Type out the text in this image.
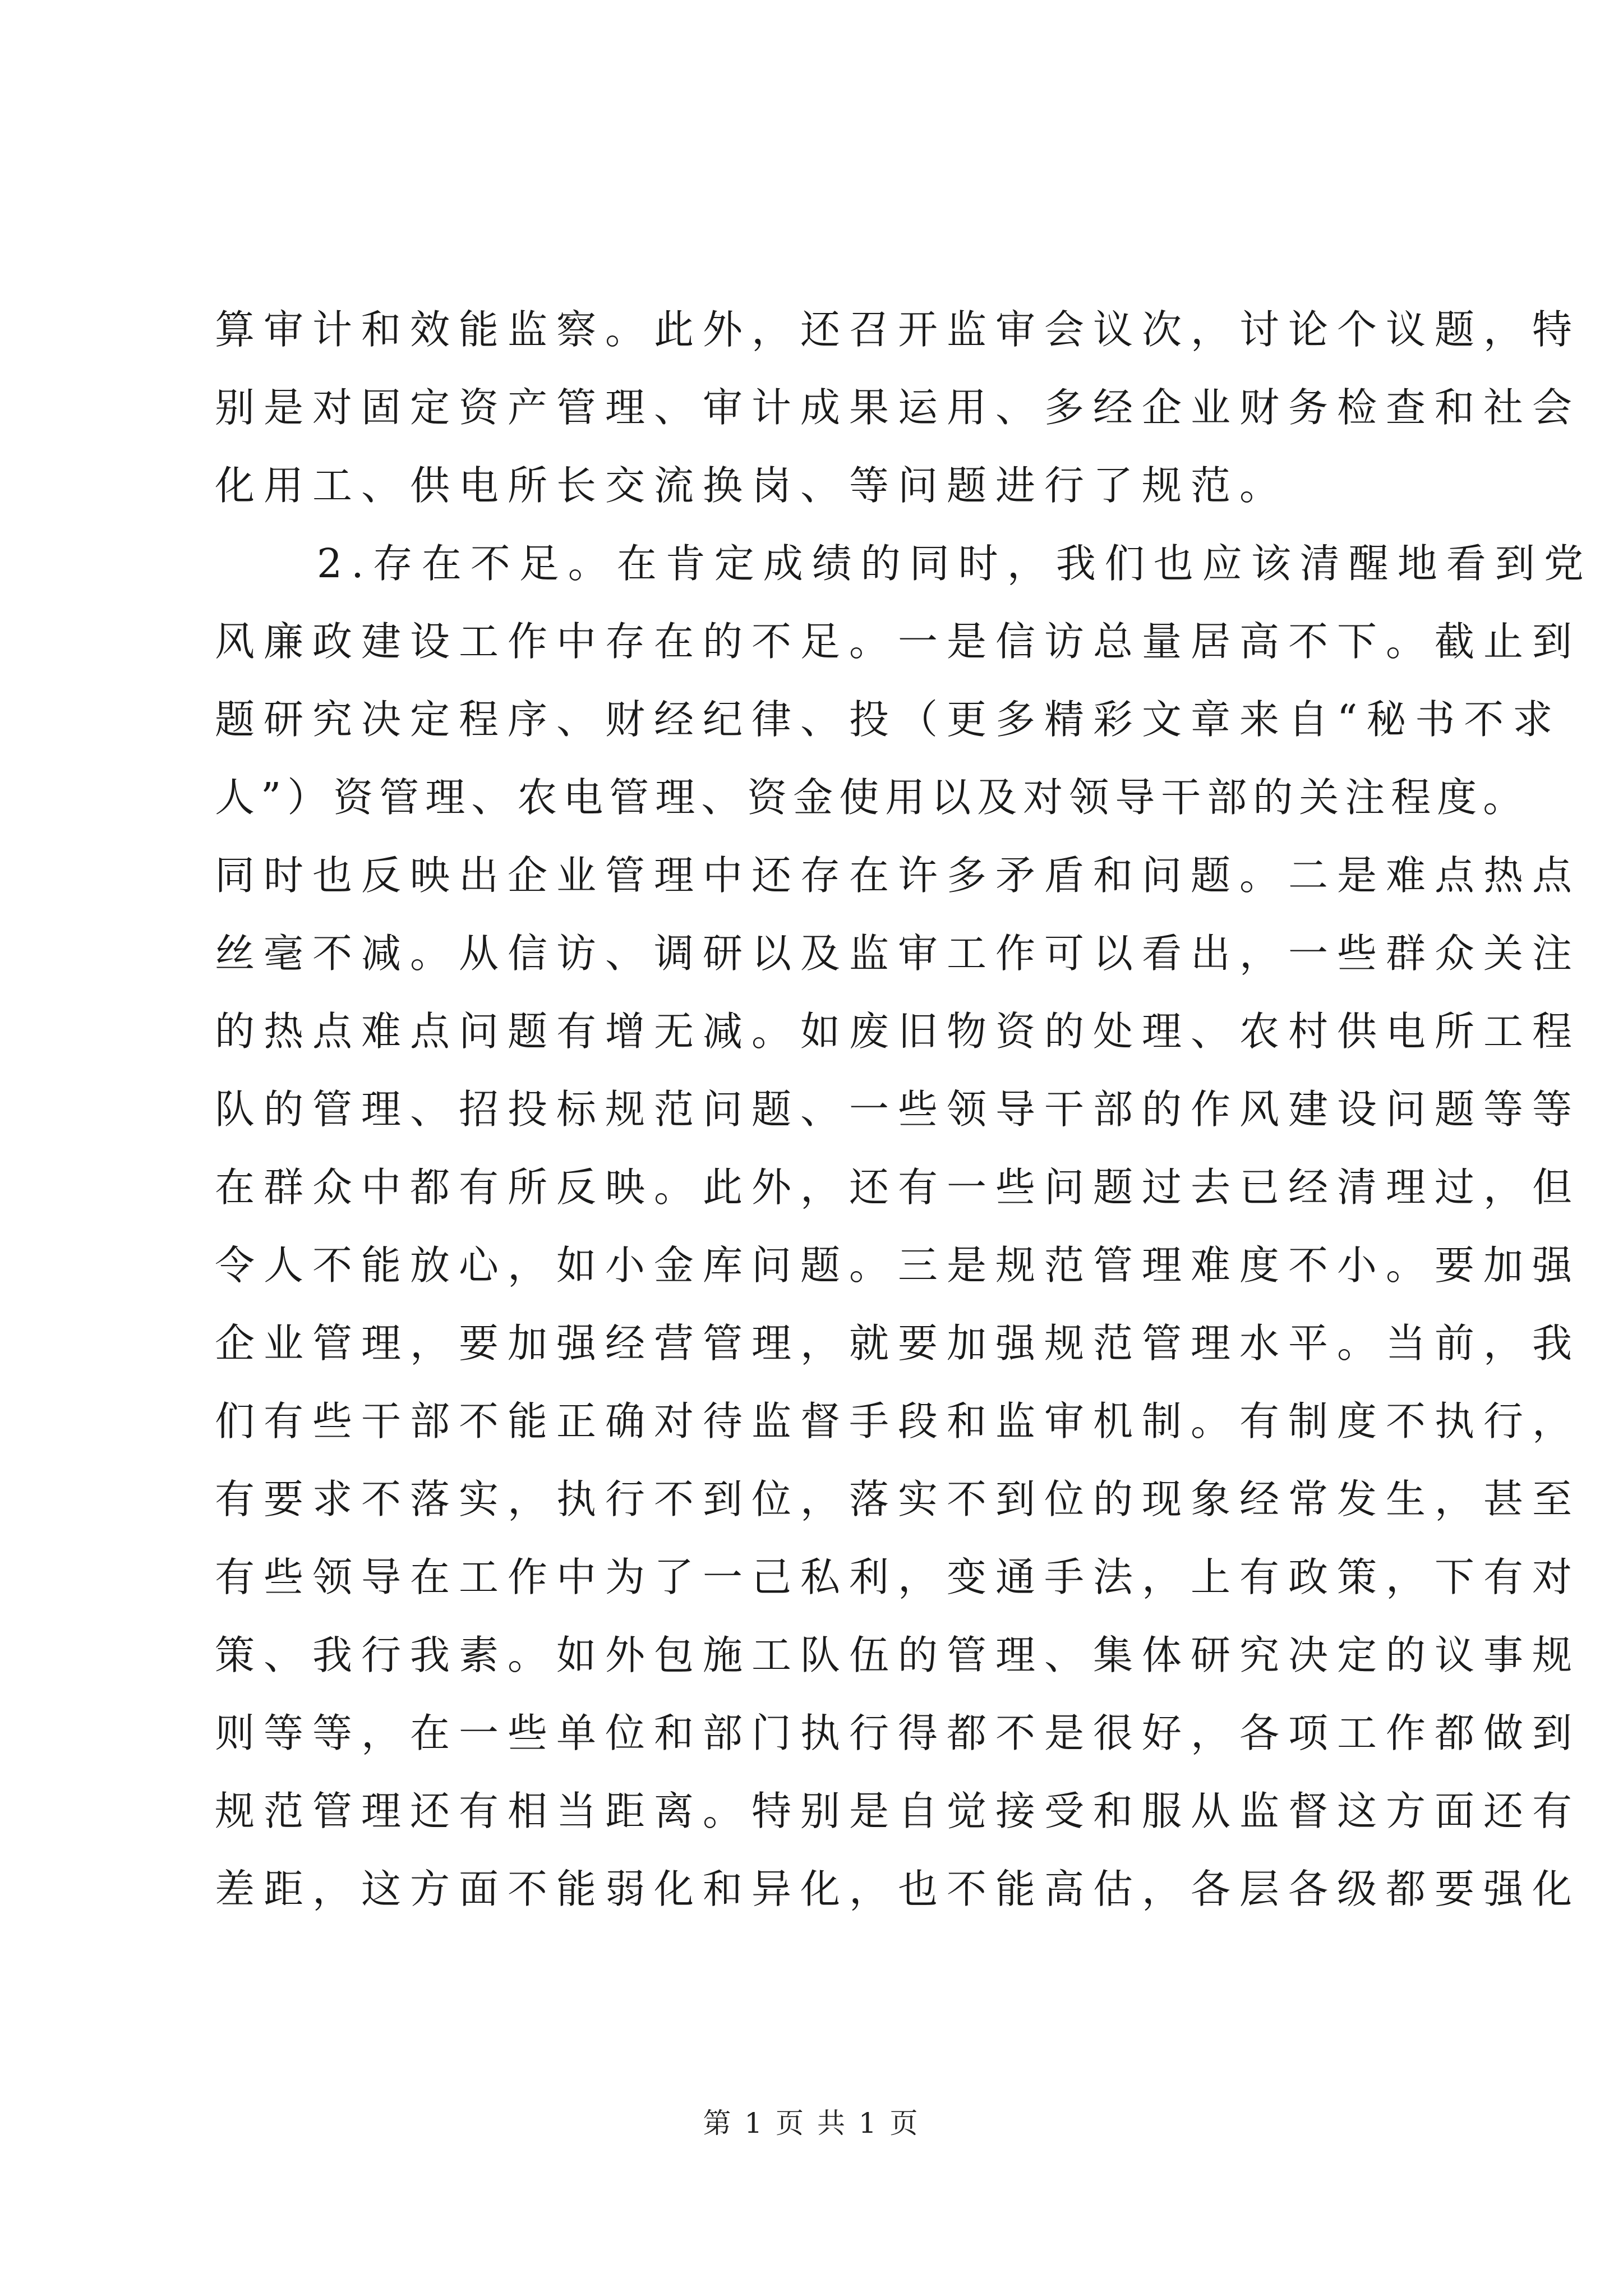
算审计和效能监察。此外，还召开监审会议次，讨论个议题，特
别是对固定资产管理、审计成果运用、多经企业财务检查和社会
化用工、供电所长交流换岗、等问题进行了规范。
2.存在不足。在肯定成绩的同时，我们也应该清醒地看到党
风廉政建设工作中存在的不足。一是信访总量居高不下。截止到
题研究决定程序、财经纪律、投（更多精彩文章来自“秘书不求
人”）资管理、农电管理、资金使用以及对领导干部的关注程度。
同时也反映出企业管理中还存在许多矛盾和问题。二是难点热点
丝毫不减。从信访、调研以及监审工作可以看出，一些群众关注
的热点难点问题有增无减。如废旧物资的处理、农村供电所工程
队的管理、招投标规范问题、一些领导干部的作风建设问题等等
在群众中都有所反映。此外，还有一些问题过去已经清理过，但
令人不能放心，如小金库问题。三是规范管理难度不小。要加强
企业管理，要加强经营管理，就要加强规范管理水平。当前，我
们有些干部不能正确对待监督手段和监审机制。有制度不执行，
有要求不落实，执行不到位，落实不到位的现象经常发生，甚至
有些领导在工作中为了一己私利，变通手法，上有政策，下有对
策、我行我素。如外包施工队伍的管理、集体研究决定的议事规
则等等，在一些单位和部门执行得都不是很好，各项工作都做到
规范管理还有相当距离。特别是自觉接受和服从监督这方面还有
差距，这方面不能弱化和异化，也不能高估，各层各级都要强化
第 1 页 共 1 页
